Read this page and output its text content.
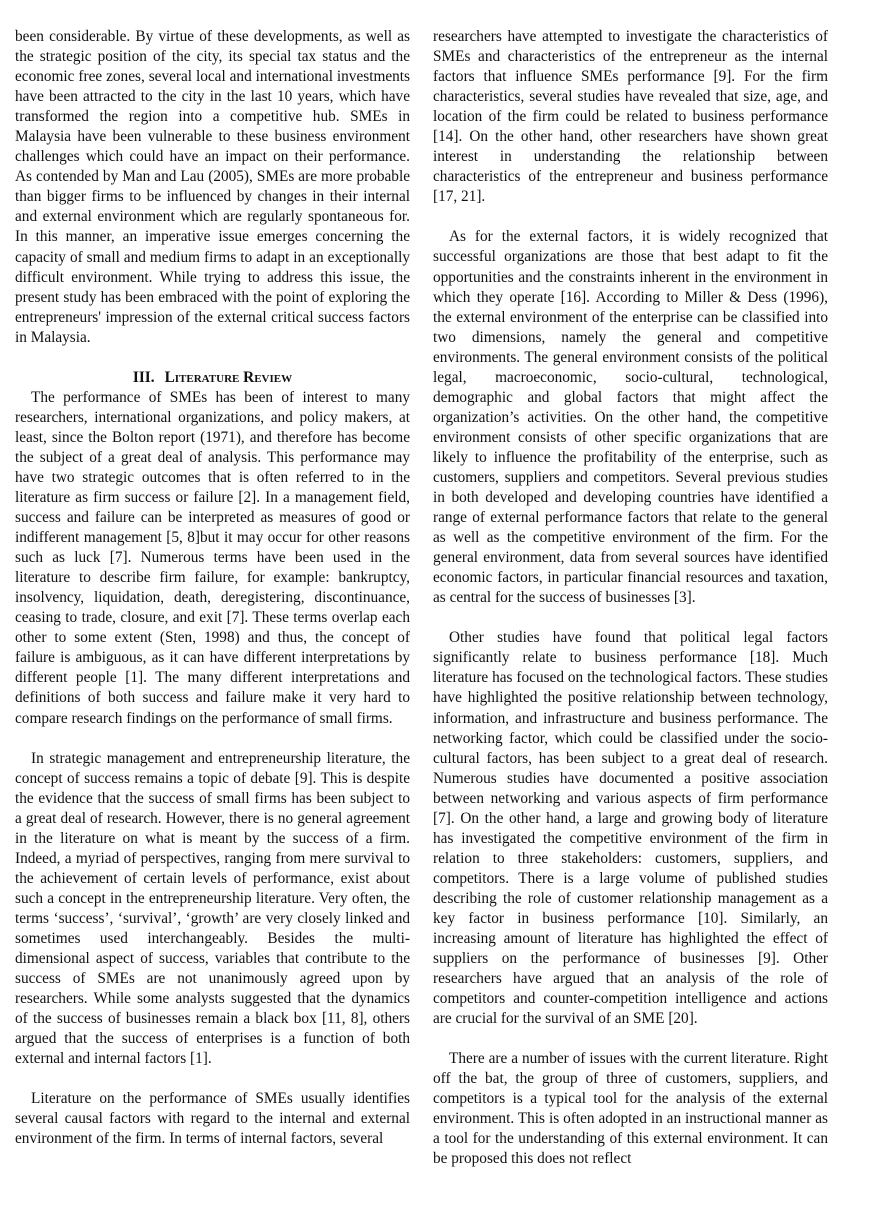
been considerable. By virtue of these developments, as well as the strategic position of the city, its special tax status and the economic free zones, several local and international investments have been attracted to the city in the last 10 years, which have transformed the region into a competitive hub. SMEs in Malaysia have been vulnerable to these business environment challenges which could have an impact on their performance. As contended by Man and Lau (2005), SMEs are more probable than bigger firms to be influenced by changes in their internal and external environment which are regularly spontaneous for. In this manner, an imperative issue emerges concerning the capacity of small and medium firms to adapt in an exceptionally difficult environment. While trying to address this issue, the present study has been embraced with the point of exploring the entrepreneurs' impression of the external critical success factors in Malaysia.

III. Literature Review

The performance of SMEs has been of interest to many researchers, international organizations, and policy makers, at least, since the Bolton report (1971), and therefore has become the subject of a great deal of analysis. This performance may have two strategic outcomes that is often referred to in the literature as firm success or failure [2]. In a management field, success and failure can be interpreted as measures of good or indifferent management [5, 8]but it may occur for other reasons such as luck [7]. Numerous terms have been used in the literature to describe firm failure, for example: bankruptcy, insolvency, liquidation, death, deregistering, discontinuance, ceasing to trade, closure, and exit [7]. These terms overlap each other to some extent (Sten, 1998) and thus, the concept of failure is ambiguous, as it can have different interpretations by different people [1]. The many different interpretations and definitions of both success and failure make it very hard to compare research findings on the performance of small firms.

In strategic management and entrepreneurship literature, the concept of success remains a topic of debate [9]. This is despite the evidence that the success of small firms has been subject to a great deal of research. However, there is no general agreement in the literature on what is meant by the success of a firm. Indeed, a myriad of perspectives, ranging from mere survival to the achievement of certain levels of performance, exist about such a concept in the entrepreneurship literature. Very often, the terms ‘success’, ‘survival’, ‘growth’ are very closely linked and sometimes used interchangeably. Besides the multi- dimensional aspect of success, variables that contribute to the success of SMEs are not unanimously agreed upon by researchers. While some analysts suggested that the dynamics of the success of businesses remain a black box [11, 8], others argued that the success of enterprises is a function of both external and internal factors [1].

Literature on the performance of SMEs usually identifies several causal factors with regard to the internal and external environment of the firm. In terms of internal factors, several

researchers have attempted to investigate the characteristics of SMEs and characteristics of the entrepreneur as the internal factors that influence SMEs performance [9]. For the firm characteristics, several studies have revealed that size, age, and location of the firm could be related to business performance [14]. On the other hand, other researchers have shown great interest in understanding the relationship between characteristics of the entrepreneur and business performance [17, 21].

As for the external factors, it is widely recognized that successful organizations are those that best adapt to fit the opportunities and the constraints inherent in the environment in which they operate [16]. According to Miller & Dess (1996), the external environment of the enterprise can be classified into two dimensions, namely the general and competitive environments. The general environment consists of the political legal, macroeconomic, socio-cultural, technological, demographic and global factors that might affect the organization’s activities. On the other hand, the competitive environment consists of other specific organizations that are likely to influence the profitability of the enterprise, such as customers, suppliers and competitors. Several previous studies in both developed and developing countries have identified a range of external performance factors that relate to the general as well as the competitive environment of the firm. For the general environment, data from several sources have identified economic factors, in particular financial resources and taxation, as central for the success of businesses [3].

Other studies have found that political legal factors significantly relate to business performance [18]. Much literature has focused on the technological factors. These studies have highlighted the positive relationship between technology, information, and infrastructure and business performance. The networking factor, which could be classified under the socio- cultural factors, has been subject to a great deal of research. Numerous studies have documented a positive association between networking and various aspects of firm performance [7]. On the other hand, a large and growing body of literature has investigated the competitive environment of the firm in relation to three stakeholders: customers, suppliers, and competitors. There is a large volume of published studies describing the role of customer relationship management as a key factor in business performance [10]. Similarly, an increasing amount of literature has highlighted the effect of suppliers on the performance of businesses [9]. Other researchers have argued that an analysis of the role of competitors and counter-competition intelligence and actions are crucial for the survival of an SME [20].

There are a number of issues with the current literature. Right off the bat, the group of three of customers, suppliers, and competitors is a typical tool for the analysis of the external environment. This is often adopted in an instructional manner as a tool for the understanding of this external environment. It can be proposed this does not reflect
